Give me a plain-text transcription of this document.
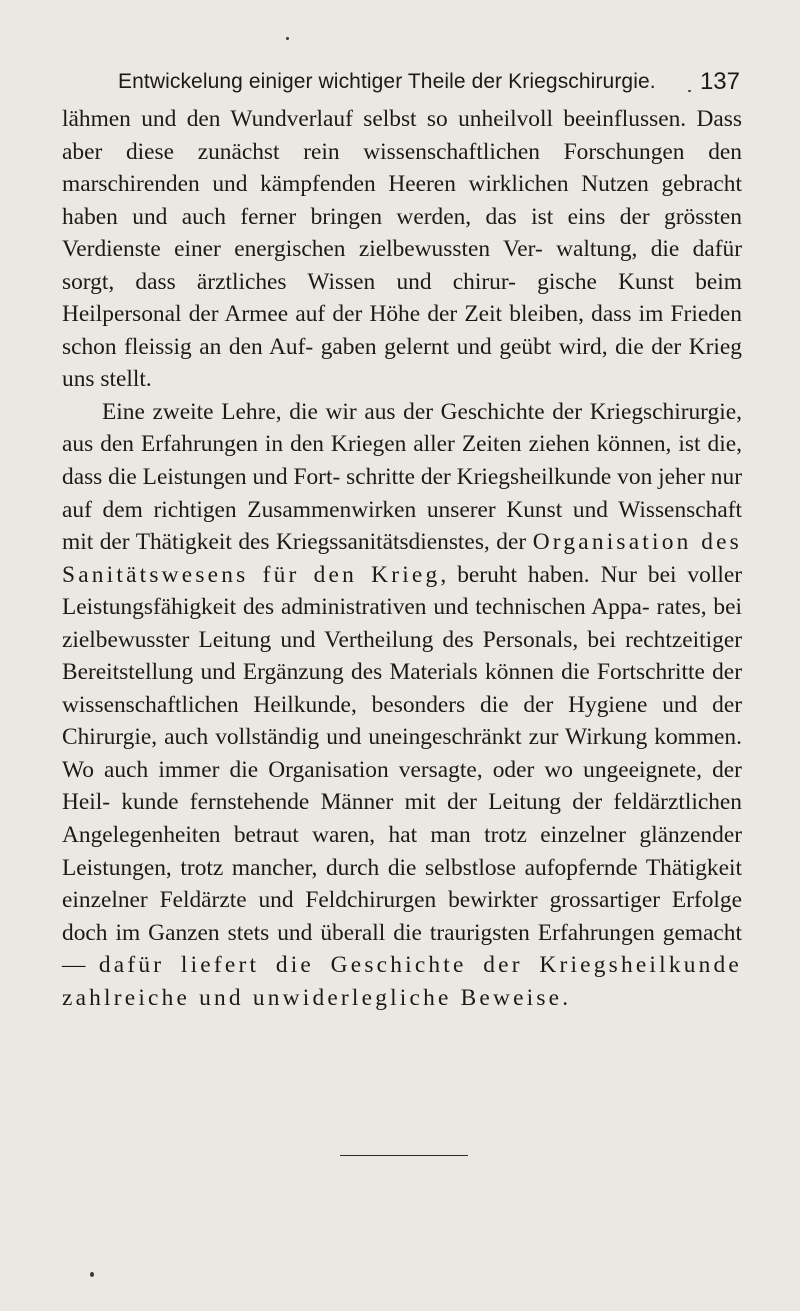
Entwickelung einiger wichtiger Theile der Kriegschirurgie. 137

lähmen und den Wundverlauf selbst so unheilvoll beeinflussen. Dass aber diese zunächst rein wissenschaftlichen Forschungen den marschirenden und kämpfenden Heeren wirklichen Nutzen gebracht haben und auch ferner bringen werden, das ist eins der grössten Verdienste einer energischen zielbewussten Ver- waltung, die dafür sorgt, dass ärztliches Wissen und chirur- gische Kunst beim Heilpersonal der Armee auf der Höhe der Zeit bleiben, dass im Frieden schon fleissig an den Auf- gaben gelernt und geübt wird, die der Krieg uns stellt.

Eine zweite Lehre, die wir aus der Geschichte der Kriegschirurgie, aus den Erfahrungen in den Kriegen aller Zeiten ziehen können, ist die, dass die Leistungen und Fort- schritte der Kriegsheilkunde von jeher nur auf dem richtigen Zusammenwirken unserer Kunst und Wissenschaft mit der Thätigkeit des Kriegssanitätsdienstes, der Organisation des Sanitätswesens für den Krieg, beruht haben. Nur bei voller Leistungsfähigkeit des administrativen und technischen Appa- rates, bei zielbewusster Leitung und Vertheilung des Personals, bei rechtzeitiger Bereitstellung und Ergänzung des Materials können die Fortschritte der wissenschaftlichen Heilkunde, besonders die der Hygiene und der Chirurgie, auch vollständig und uneingeschränkt zur Wirkung kommen. Wo auch immer die Organisation versagte, oder wo ungeeignete, der Heil- kunde fernstehende Männer mit der Leitung der feldärztlichen Angelegenheiten betraut waren, hat man trotz einzelner glänzender Leistungen, trotz mancher, durch die selbstlose aufopfernde Thätigkeit einzelner Feldärzte und Feldchirurgen bewirkter grossartiger Erfolge doch im Ganzen stets und überall die traurigsten Erfahrungen gemacht — dafür liefert die Geschichte der Kriegsheilkunde zahlreiche und unwiderlegliche Beweise.
